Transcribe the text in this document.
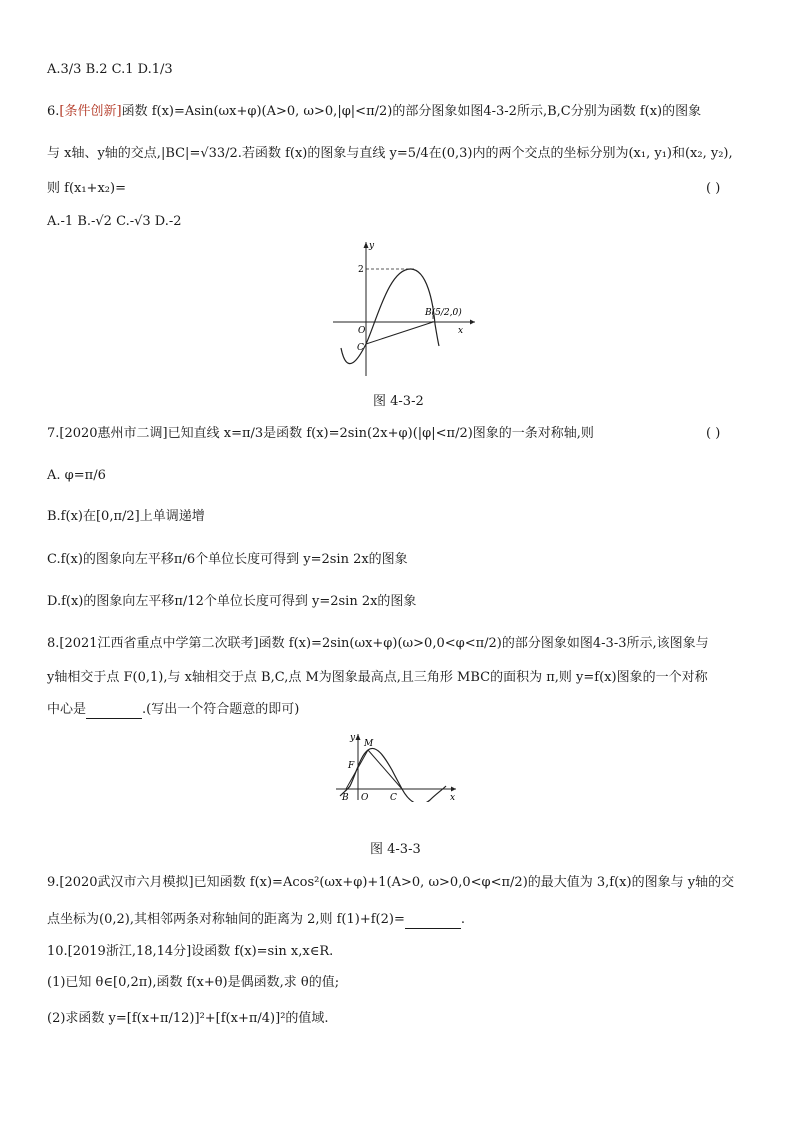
A.3/3 B.2 C.1 D.1/3
6.[条件创新]函数 f(x)=Asin(ωx+φ)(A>0, ω>0,|φ|<π/2)的部分图象如图4-3-2所示,B,C分别为函数 f(x)的图象
与 x轴、y轴的交点,|BC|=√33/2.若函数 f(x)的图象与直线 y=5/4在(0,3)内的两个交点的坐标分别为(x₁, y₁)和(x₂, y₂),
则 f(x₁+x₂)=	( )
A.-1 B.-√2 C.-√3 D.-2
y
x
O
2
C
B(5/2,0)
图 4-3-2
7.[2020惠州市二调]已知直线 x=π/3是函数 f(x)=2sin(2x+φ)(|φ|<π/2)图象的一条对称轴,则	( )
A. φ=π/6
B.f(x)在[0,π/2]上单调递增
C.f(x)的图象向左平移π/6个单位长度可得到 y=2sin 2x的图象
D.f(x)的图象向左平移π/12个单位长度可得到 y=2sin 2x的图象
8.[2021江西省重点中学第二次联考]函数 f(x)=2sin(ωx+φ)(ω>0,0<φ<π/2)的部分图象如图4-3-3所示,该图象与
y轴相交于点 F(0,1),与 x轴相交于点 B,C,点 M为图象最高点,且三角形 MBC的面积为 π,则 y=f(x)图象的一个对称
中心是	.(写出一个符合题意的即可)
y
x
O
M
F
B	C
图 4-3-3
9.[2020武汉市六月模拟]已知函数 f(x)=Acos²(ωx+φ)+1(A>0, ω>0,0<φ<π/2)的最大值为 3,f(x)的图象与 y轴的交
点坐标为(0,2),其相邻两条对称轴间的距离为 2,则 f(1)+f(2)=	.
10.[2019浙江,18,14分]设函数 f(x)=sin x,x∈R.
(1)已知 θ∈[0,2π),函数 f(x+θ)是偶函数,求 θ的值;
(2)求函数 y=[f(x+π/12)]²+[f(x+π/4)]²的值域.
